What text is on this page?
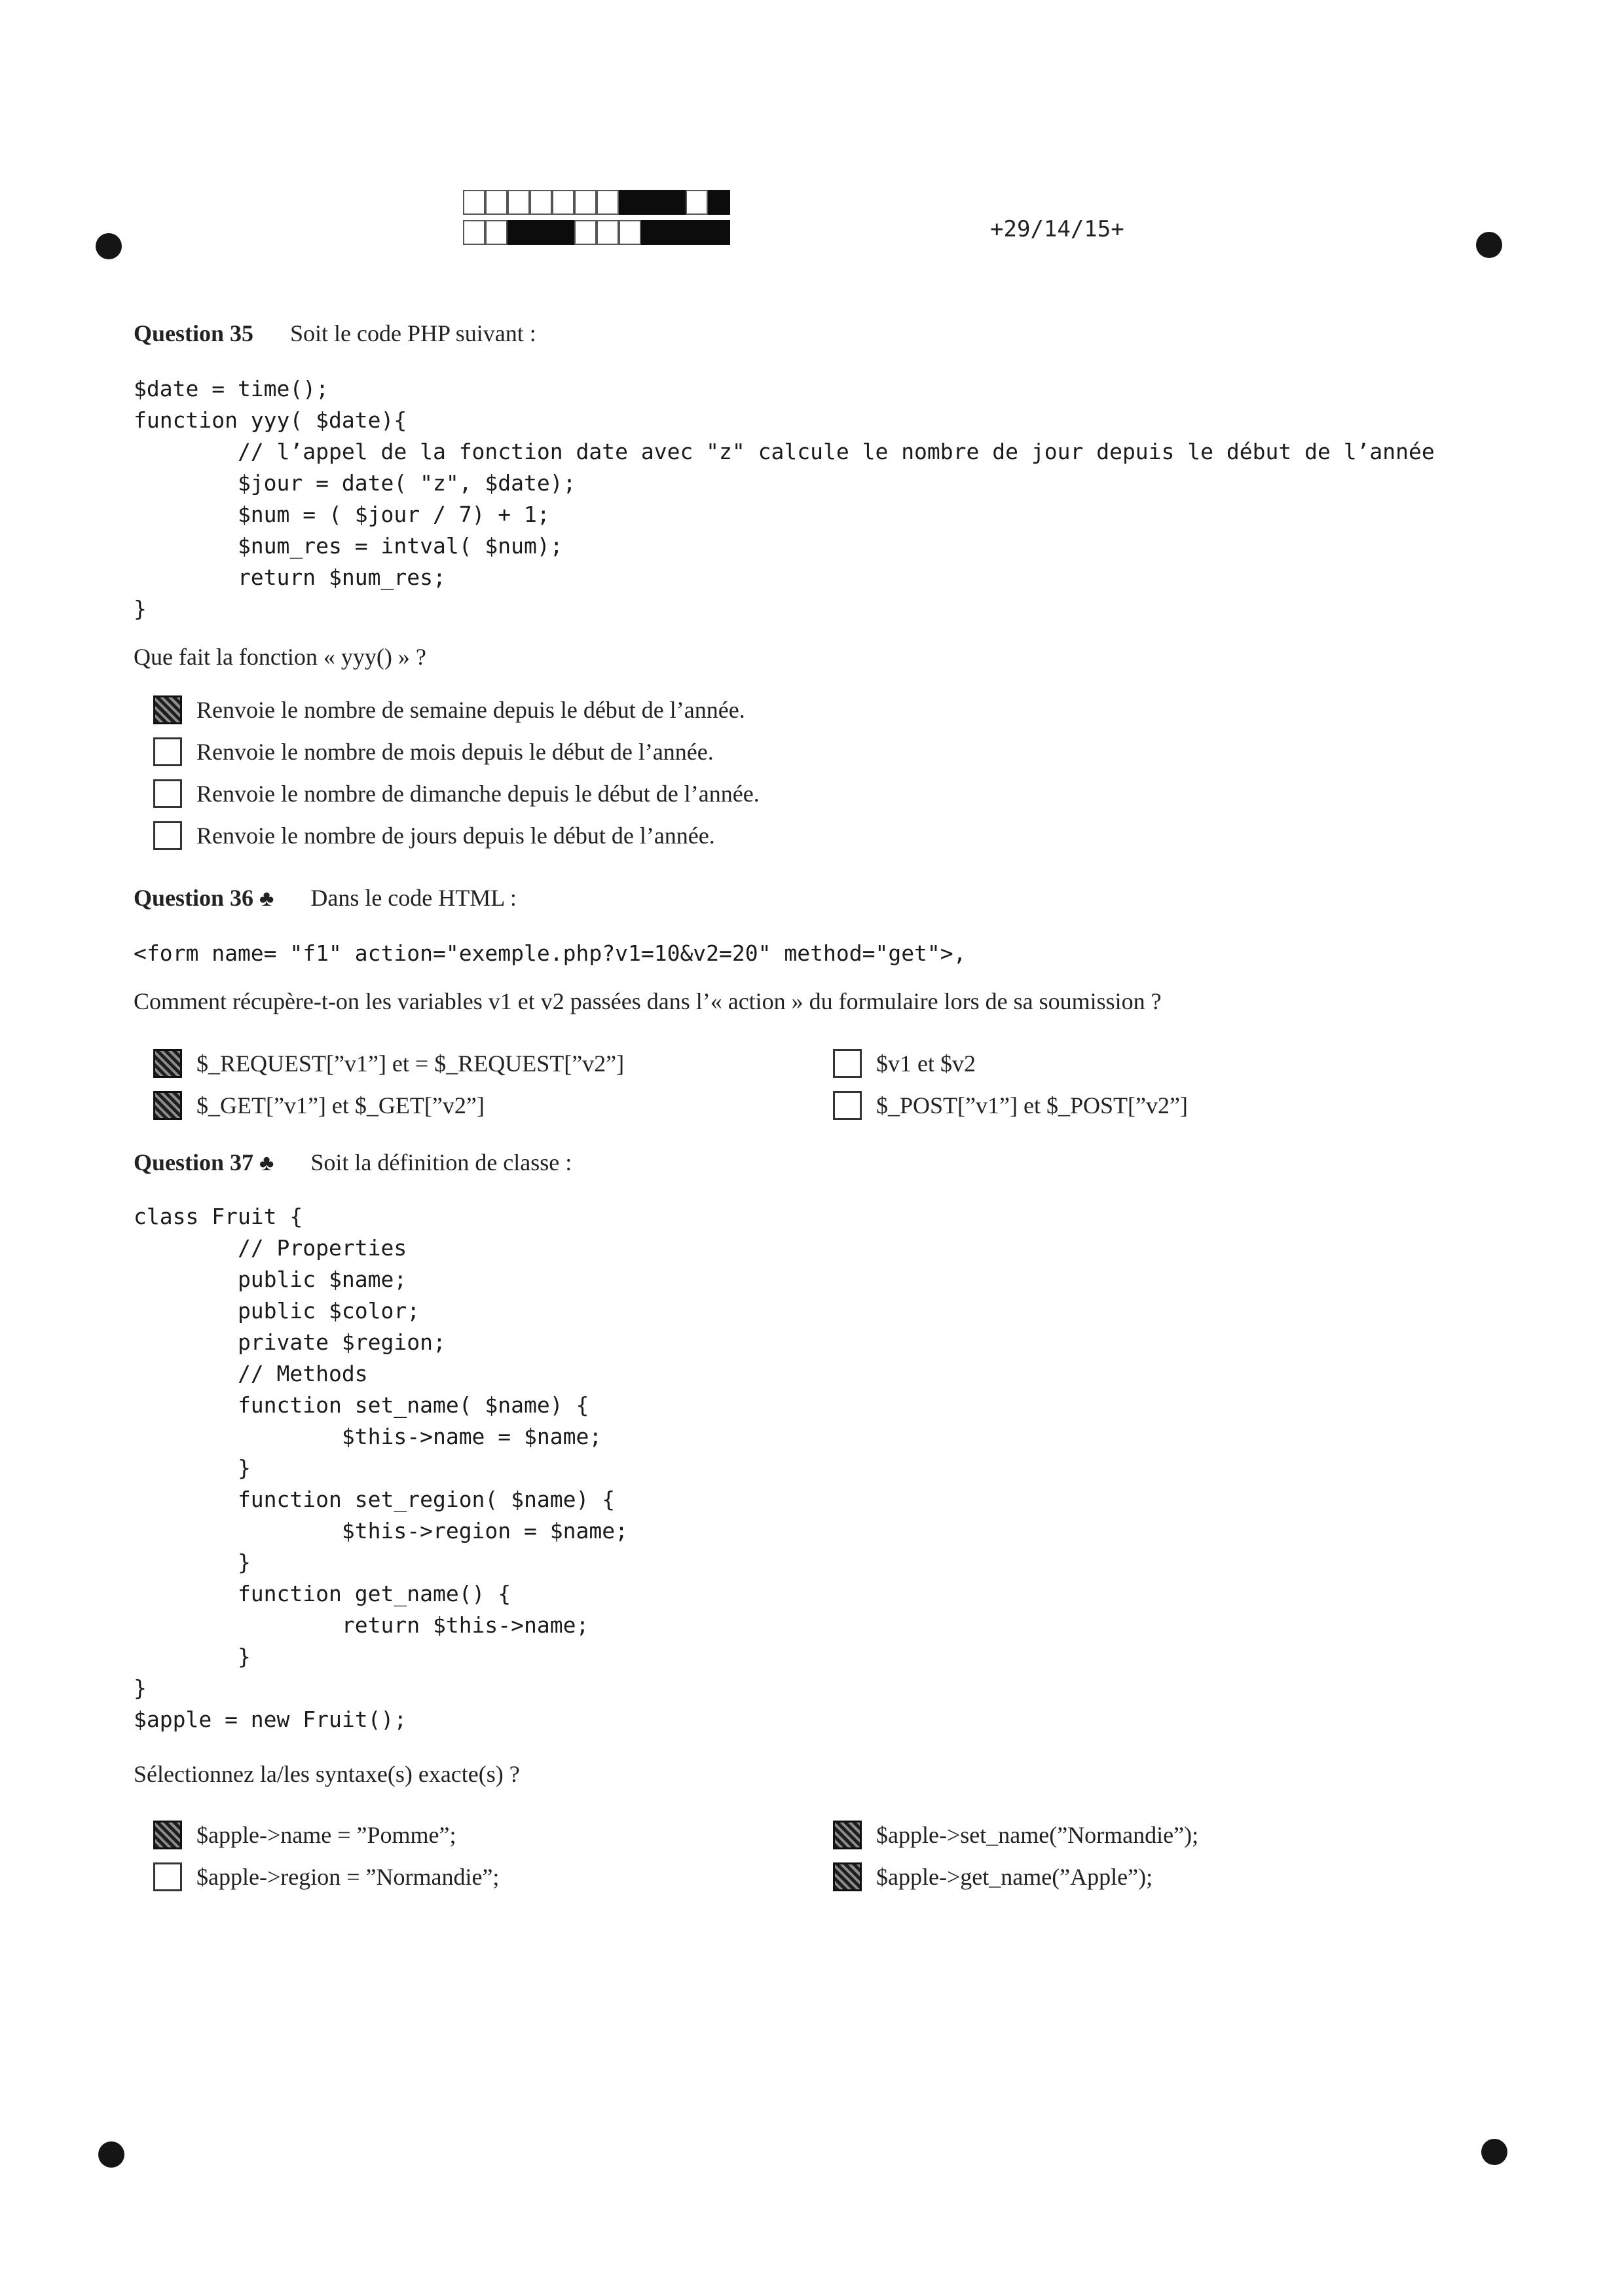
+29/14/15+
Question 35 Soit le code PHP suivant :
$date = time();
function yyy( $date){
// l’appel de la fonction date avec "z" calcule le nombre de jour depuis le début de l’année
$jour = date( "z", $date);
$num = ( $jour / 7) + 1;
$num_res = intval( $num);
return $num_res;
}
Que fait la fonction « yyy() » ?
Renvoie le nombre de semaine depuis le début de l’année.
Renvoie le nombre de mois depuis le début de l’année.
Renvoie le nombre de dimanche depuis le début de l’année.
Renvoie le nombre de jours depuis le début de l’année.
Question 36 ♣ Dans le code HTML :
<form name= "f1" action="exemple.php?v1=10&v2=20" method="get">,
Comment récupère-t-on les variables v1 et v2 passées dans l’« action » du formulaire lors de sa soumission ?
$_REQUEST[”v1”] et = $_REQUEST[”v2”]
$_GET[”v1”] et $_GET[”v2”]
$v1 et $v2
$_POST[”v1”] et $_POST[”v2”]
Question 37 ♣ Soit la définition de classe :
class Fruit {
// Properties
public $name;
public $color;
private $region;
// Methods
function set_name( $name) {
$this->name = $name;
}
function set_region( $name) {
$this->region = $name;
}
function get_name() {
return $this->name;
}
}
$apple = new Fruit();
Sélectionnez la/les syntaxe(s) exacte(s) ?
$apple->name = ”Pomme”;
$apple->region = ”Normandie”;
$apple->set_name(”Normandie”);
$apple->get_name(”Apple”);
